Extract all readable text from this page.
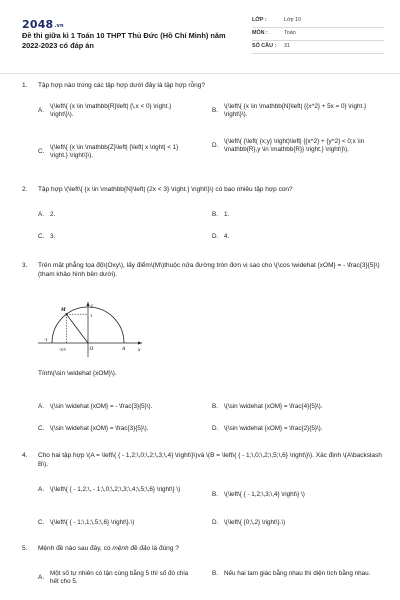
2048.vn
Đề thi giữa kì 1 Toán 10 THPT Thủ Đức (Hồ Chí Minh) năm 2022-2023 có đáp án
LỚP :	Lớp 10
MÔN :	Toán
SỐ CÂU :	31
1.	Tập hợp nào trong các tập hợp dưới đây là tập hợp rỗng?
A.
\(\left\{ {x \in \mathbb{R}\left| {\,x < 0} \right.} \right\}\).
B.
\(\left\{ {x \in \mathbb{N}\left| {{x^2} + 5x = 0} \right.} \right\}\).
C.
\(\left\{ {x \in \mathbb{Z}\left| {\left| x \right| < 1} \right.} \right\}\).
D.
\(\left\{ {\left( {x;y} \right)\left| {{x^2} + {y^2} < 0;x \in \mathbb{R},y \in \mathbb{R}} \right.} \right\}\).
2.	Tập hợp \(\left\{ {x \in \mathbb{N}\left| {2x < 3} \right.} \right\}\) có bao nhiêu tập hợp con?
A. 2.	B. 1.
C. 3.	D. 4.
3.	Trên mặt phẳng tọa độ\(Oxy\), lấy điểm\(M\)thuộc nửa đường tròn đơn vị sao cho \(\cos \widehat {xOM} = - \frac{3}{5}\) (tham khảo hình bên dưới).
M
y
x
O	A
-1
-3/5
1
Tính\(\sin \widehat {xOM}\).
A. \(\sin \widehat {xOM} = - \frac{3}{5}\).	B. \(\sin \widehat {xOM} = \frac{4}{5}\).
C. \(\sin \widehat {xOM} = \frac{3}{5}\).	D. \(\sin \widehat {xOM} = \frac{2}{5}\).
4.	Cho hai tập hợp \(A = \left\{ { - 1,2;\,0;\,2;\,3;\,4} \right\}\)và \(B = \left\{ { - 1;\,0;\,2;\,5;\,6} \right\}\). Xác định \(A\backslash B\).
A. \(\left\{ { - 1,2;\, - 1;\,0;\,2;\,3;\,4;\,5;\,6} \right\} \)
B. \(\left\{ { - 1,2;\,3;\,4} \right\} \)
C. \(\left\{ { - 1;\,1;\,5;\,6} \right\}.\)	D. \(\left\{ {0;\,2} \right\}.\)
5.	Mệnh đề nào sau đây, có mệnh đề đảo là đúng ?
A.
Một số tự nhiên có tận cùng bằng 5 thì số đó chia hết cho 5.
B. Nếu hai tam giác bằng nhau thì diện tích bằng nhau.
